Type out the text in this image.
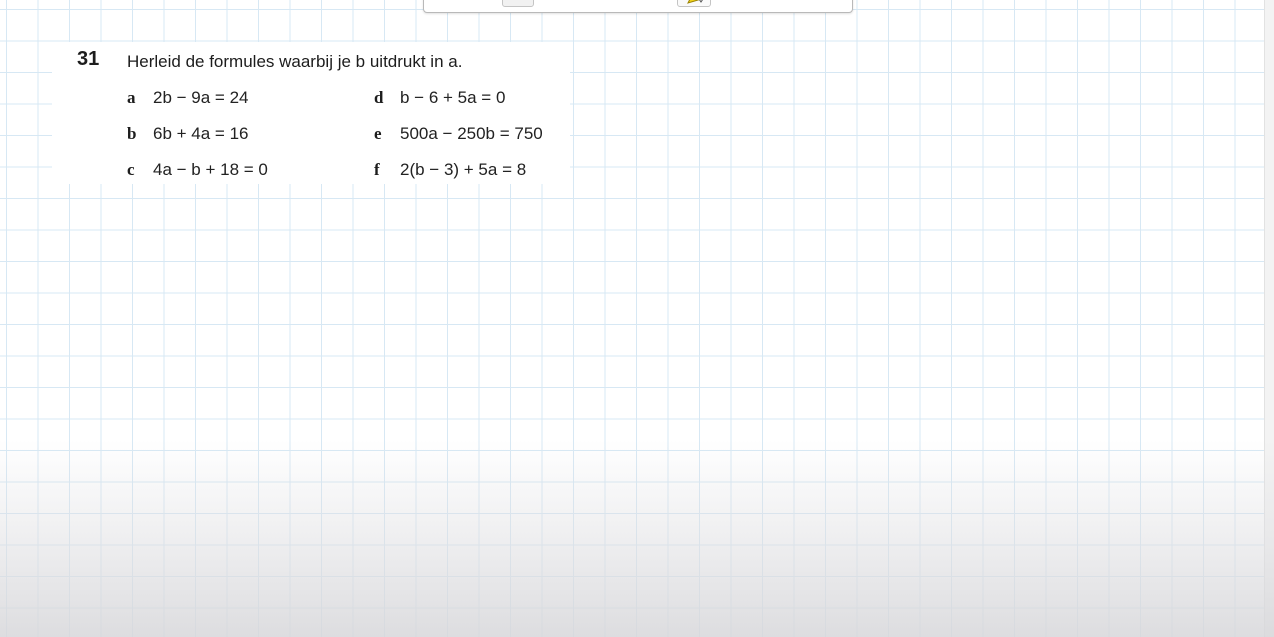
31 Herleid de formules waarbij je b uitdrukt in a.
a 2b − 9a = 24
b 6b + 4a = 16
c 4a − b + 18 = 0
d b − 6 + 5a = 0
e 500a − 250b = 750
f 2(b − 3) + 5a = 8
